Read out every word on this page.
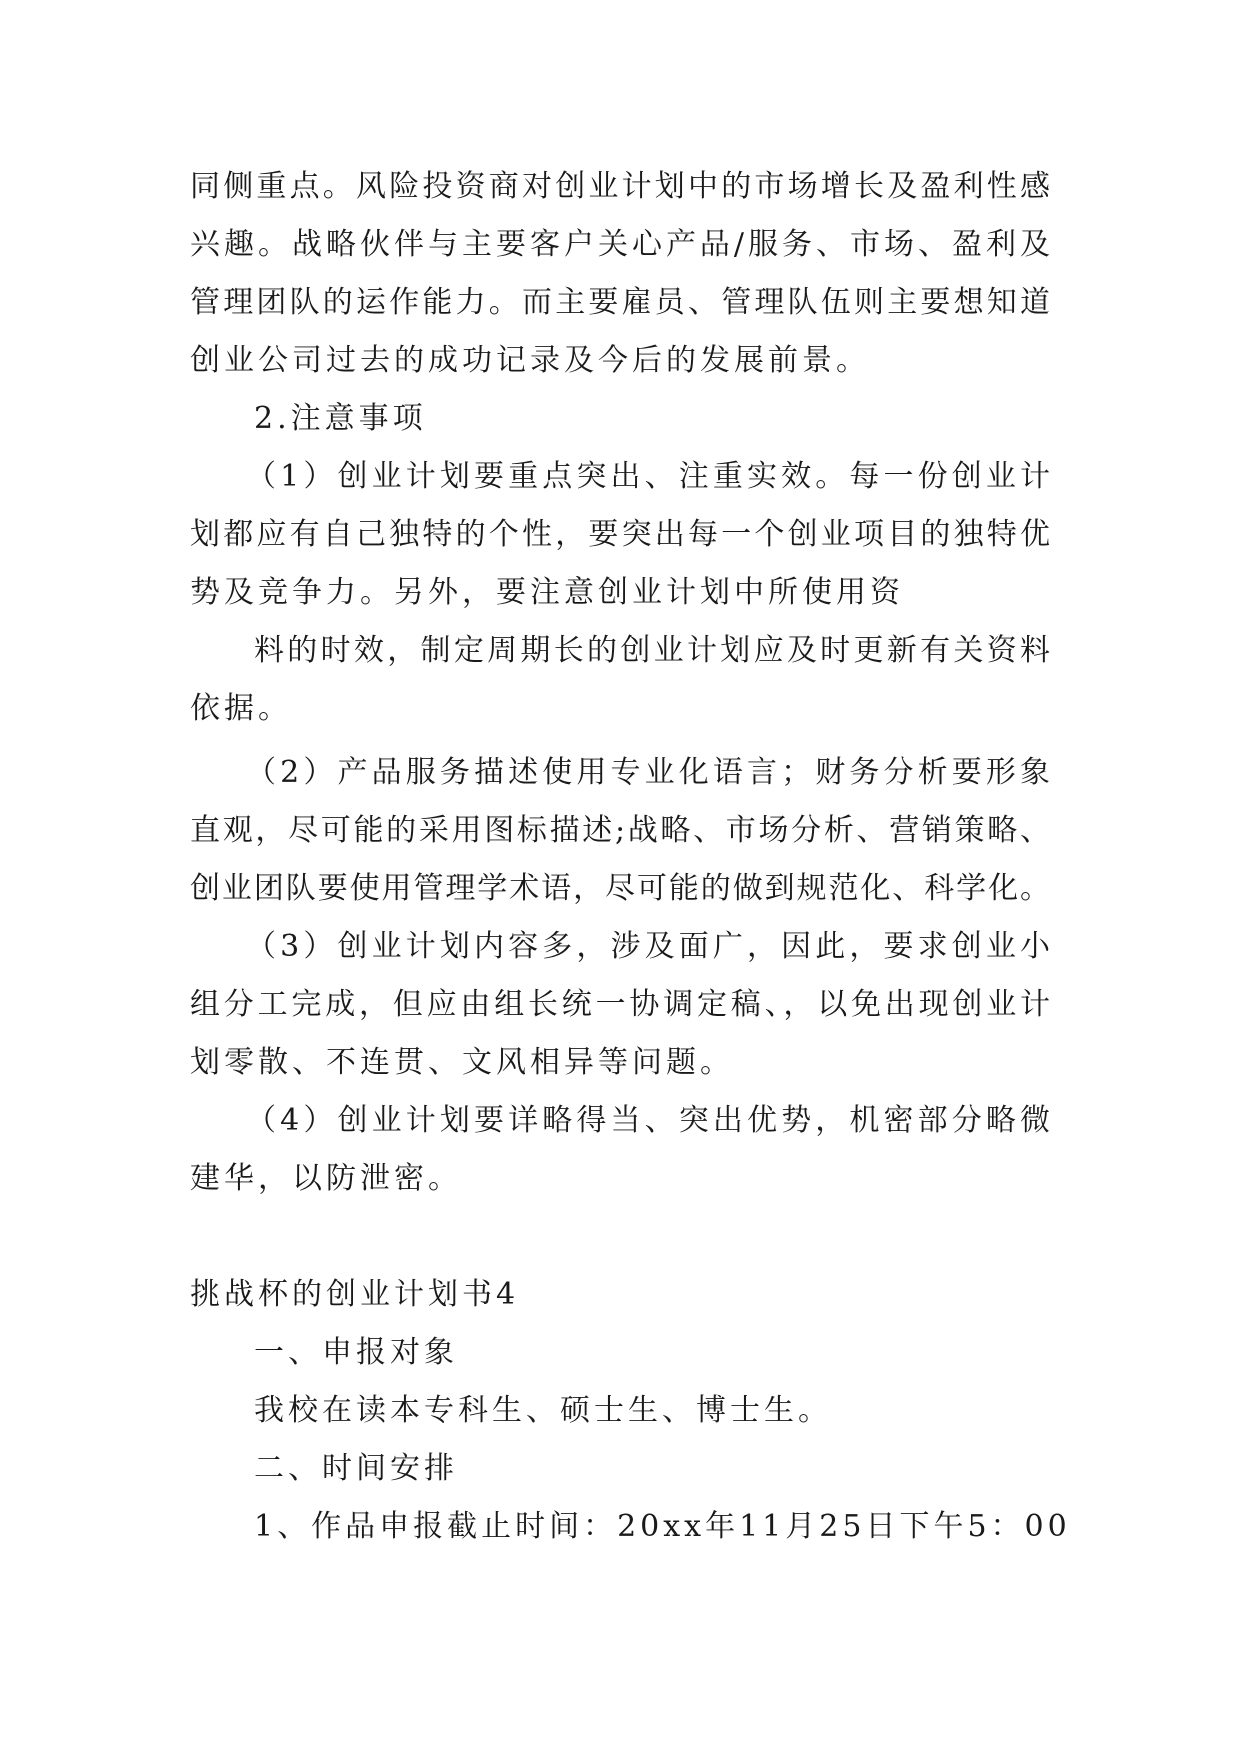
同侧重点。风险投资商对创业计划中的市场增长及盈利性感
兴趣。战略伙伴与主要客户关心产品/服务、市场、盈利及
管理团队的运作能力。而主要雇员、管理队伍则主要想知道
创业公司过去的成功记录及今后的发展前景。
2.注意事项
（1）创业计划要重点突出、注重实效。每一份创业计
划都应有自己独特的个性，要突出每一个创业项目的独特优
势及竞争力。另外，要注意创业计划中所使用资
料的时效，制定周期长的创业计划应及时更新有关资料
依据。
（2）产品服务描述使用专业化语言；财务分析要形象
直观，尽可能的采用图标描述;战略、市场分析、营销策略、
创业团队要使用管理学术语，尽可能的做到规范化、科学化。
（3）创业计划内容多，涉及面广，因此，要求创业小
组分工完成，但应由组长统一协调定稿、，以免出现创业计
划零散、不连贯、文风相异等问题。
（4）创业计划要详略得当、突出优势，机密部分略微
建华，以防泄密。
挑战杯的创业计划书4
一、申报对象
我校在读本专科生、硕士生、博士生。
二、时间安排
1、作品申报截止时间：20xx年11月25日下午5：00
